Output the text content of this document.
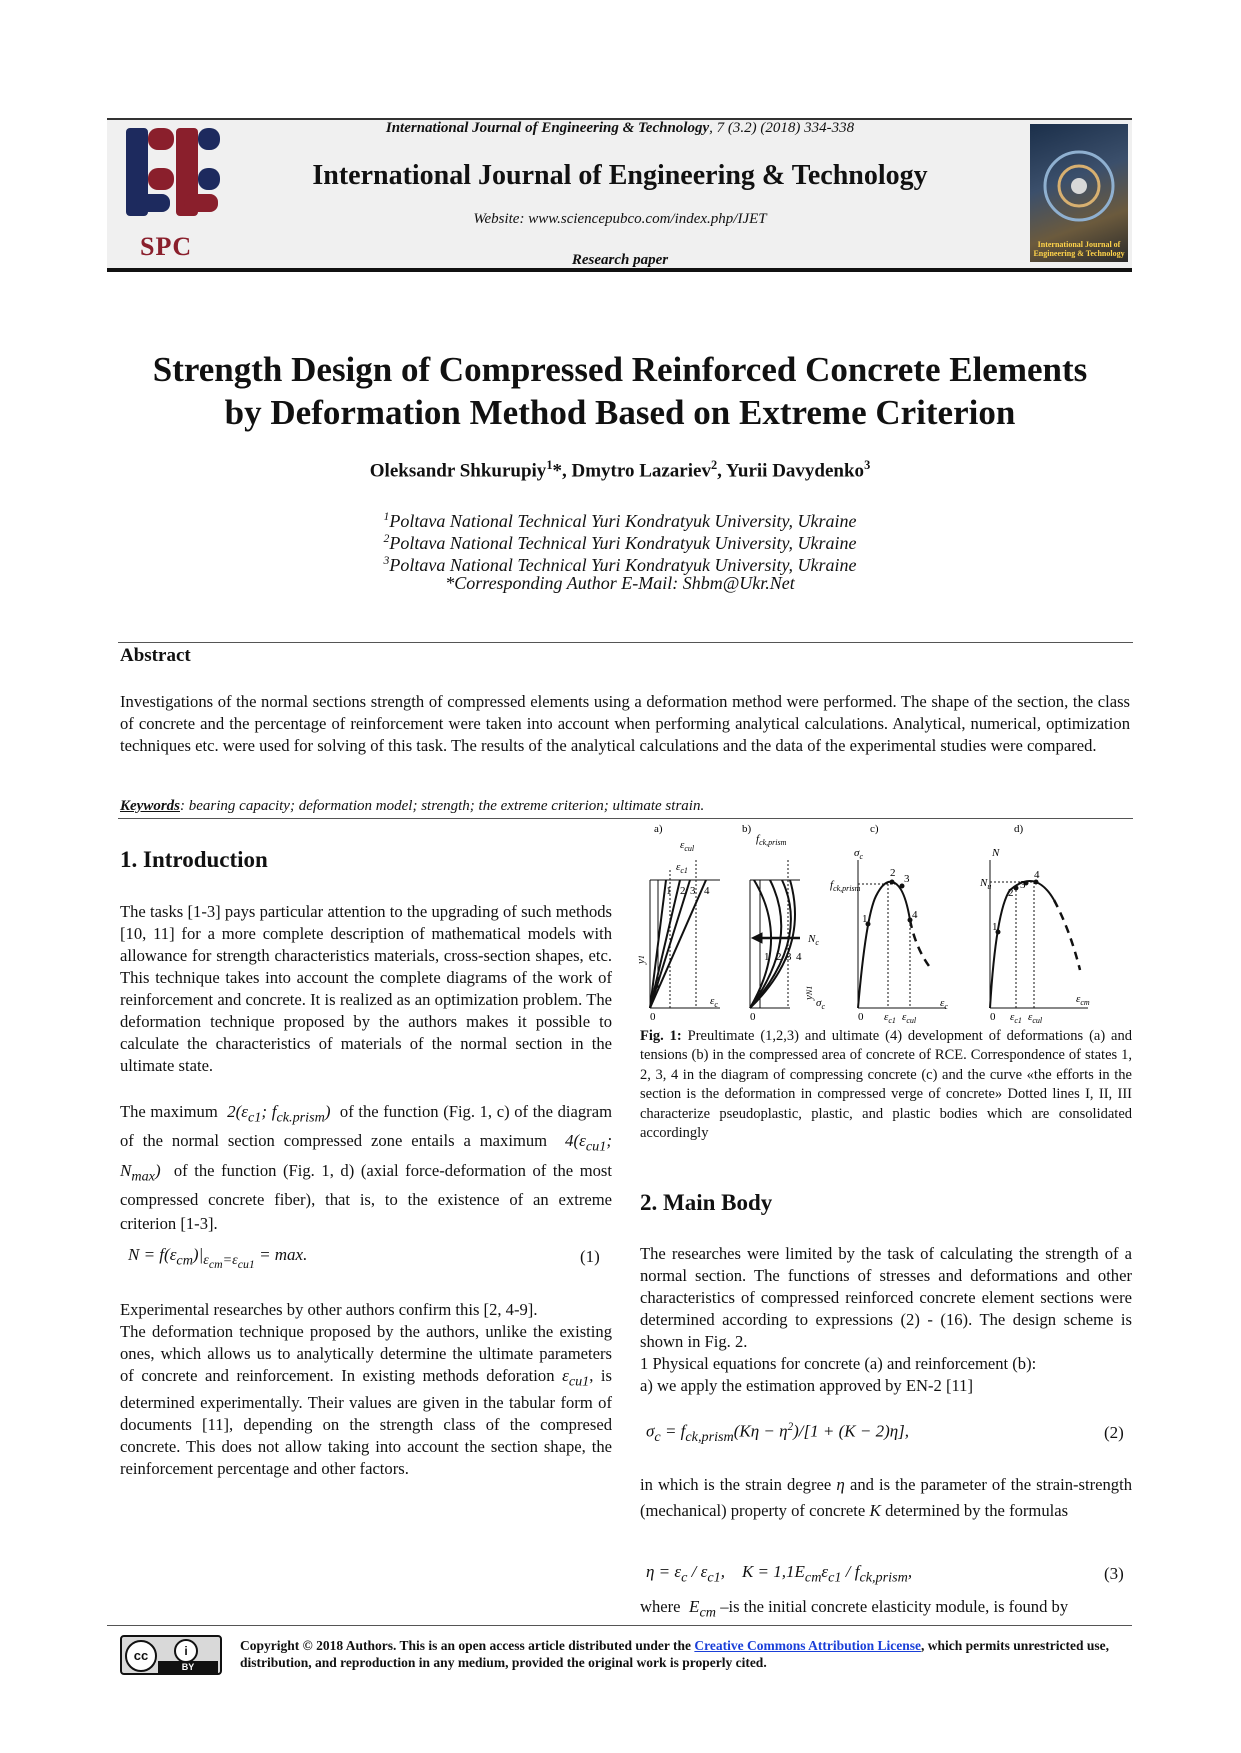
SPC
International Journal of Engineering & Technology, 7 (3.2) (2018) 334-338
International Journal of Engineering & Technology
Website: www.sciencepubco.com/index.php/IJET
Research paper
International Journal of Engineering & Technology
Strength Design of Compressed Reinforced Concrete Elements
by Deformation Method Based on Extreme Criterion
Oleksandr Shkurupiy$^1$*, Dmytro Lazariev$^2$, Yurii Davydenko$^3$
$^1$Poltava National Technical Yuri Kondratyuk University, Ukraine
$^2$Poltava National Technical Yuri Kondratyuk University, Ukraine
$^3$Poltava National Technical Yuri Kondratyuk University, Ukraine
*Corresponding Author E-Mail: Shbm@Ukr.Net
Abstract
Investigations of the normal sections strength of compressed elements using a deformation method were performed. The shape of the section, the class of concrete and the percentage of reinforcement were taken into account when performing analytical calculations. Analytical, numerical, optimization techniques etc. were used for solving of this task. The results of the analytical calculations and the data of the experimental studies were compared.
Keywords: bearing capacity; deformation model; strength; the extreme criterion; ultimate strain.
1. Introduction
The tasks [1-3] pays particular attention to the upgrading of such methods [10, 11] for a more complete description of mathematical models with allowance for strength characteristics materials, cross-section shapes, etc. This technique takes into account the complete diagrams of the work of reinforcement and concrete. It is realized as an optimization problem. The deformation technique proposed by the authors makes it possible to calculate the characteristics of materials of the normal section in the ultimate state.
The maximum  $2(\varepsilon_{c1}$; $f_{ck.prism}$)  of the function (Fig. 1, c) of the diagram of the normal section compressed zone entails a maximum  $4(\varepsilon_{cu1}$; $N_{max}$)  of the function (Fig. 1, d) (axial force-deformation of the most compressed concrete fiber), that is, to the existence of an extreme criterion [1-3].
$N = f(\varepsilon_{cm})|_{\varepsilon_{cm}=\varepsilon_{cu1}} = \max$.	(1)
Experimental researches by other authors confirm this [2, 4-9].
The deformation technique proposed by the authors, unlike the existing ones, which allows us to analytically determine the ultimate parameters of concrete and reinforcement. In existing methods deforation $\varepsilon_{cu1}$, is determined experimentally. Their values are given in the tabular form of documents [11], depending on the strength class of the compresed concrete. This does not allow taking into account the section shape, the reinforcement percentage and other factors.
a)	b)	c)	d)
$\varepsilon_{cul}$
$\varepsilon_{c1}$
1 2 3 4
y1
0
$\varepsilon_c$
$f_{ck,prism}$
1 2 3 4
$N_c$
yN1
0
$\sigma_c$
$\sigma_c$
$f_{ck,prism}$
1
2 3
4
0 $\varepsilon_{c1}$ $\varepsilon_{cul}$
$\varepsilon_c$
N
$N_u$
1
2
3
4
0 $\varepsilon_{c1}$ $\varepsilon_{cul}$
$\varepsilon_{cm}$
Fig. 1: Preultimate (1,2,3) and ultimate (4) development of deformations (a) and tensions (b) in the compressed area of concrete of RCE. Correspondence of states 1, 2, 3, 4 in the diagram of compressing concrete (c) and the curve «the efforts in the section is the deformation in compressed verge of concrete» Dotted lines I, II, III characterize pseudoplastic, plastic, and plastic bodies which are consolidated accordingly
2. Main Body
The researches were limited by the task of calculating the strength of a normal section. The functions of stresses and deformations and other characteristics of compressed reinforced concrete element sections were determined according to expressions (2) - (16). The design scheme is shown in Fig. 2.
1 Physical equations for concrete (a) and reinforcement (b):
a) we apply the estimation approved by EN-2 [11]
$\sigma_c = f_{ck,prism}(K\eta - \eta^2)/[1 + (K - 2)\eta]$,	(2)
in which is the strain degree η and is the parameter of the strain-strength (mechanical) property of concrete K determined by the formulas
$\eta = \varepsilon_c / \varepsilon_{c1}$,    $K = 1,1E_{cm}\varepsilon_{c1} / f_{ck,prism}$,	(3)
where  $E_{cm}$ –is the initial concrete elasticity module, is found by
cc	i
BY
Copyright © 2018 Authors. This is an open access article distributed under the Creative Commons Attribution License, which permits unrestricted use, distribution, and reproduction in any medium, provided the original work is properly cited.
